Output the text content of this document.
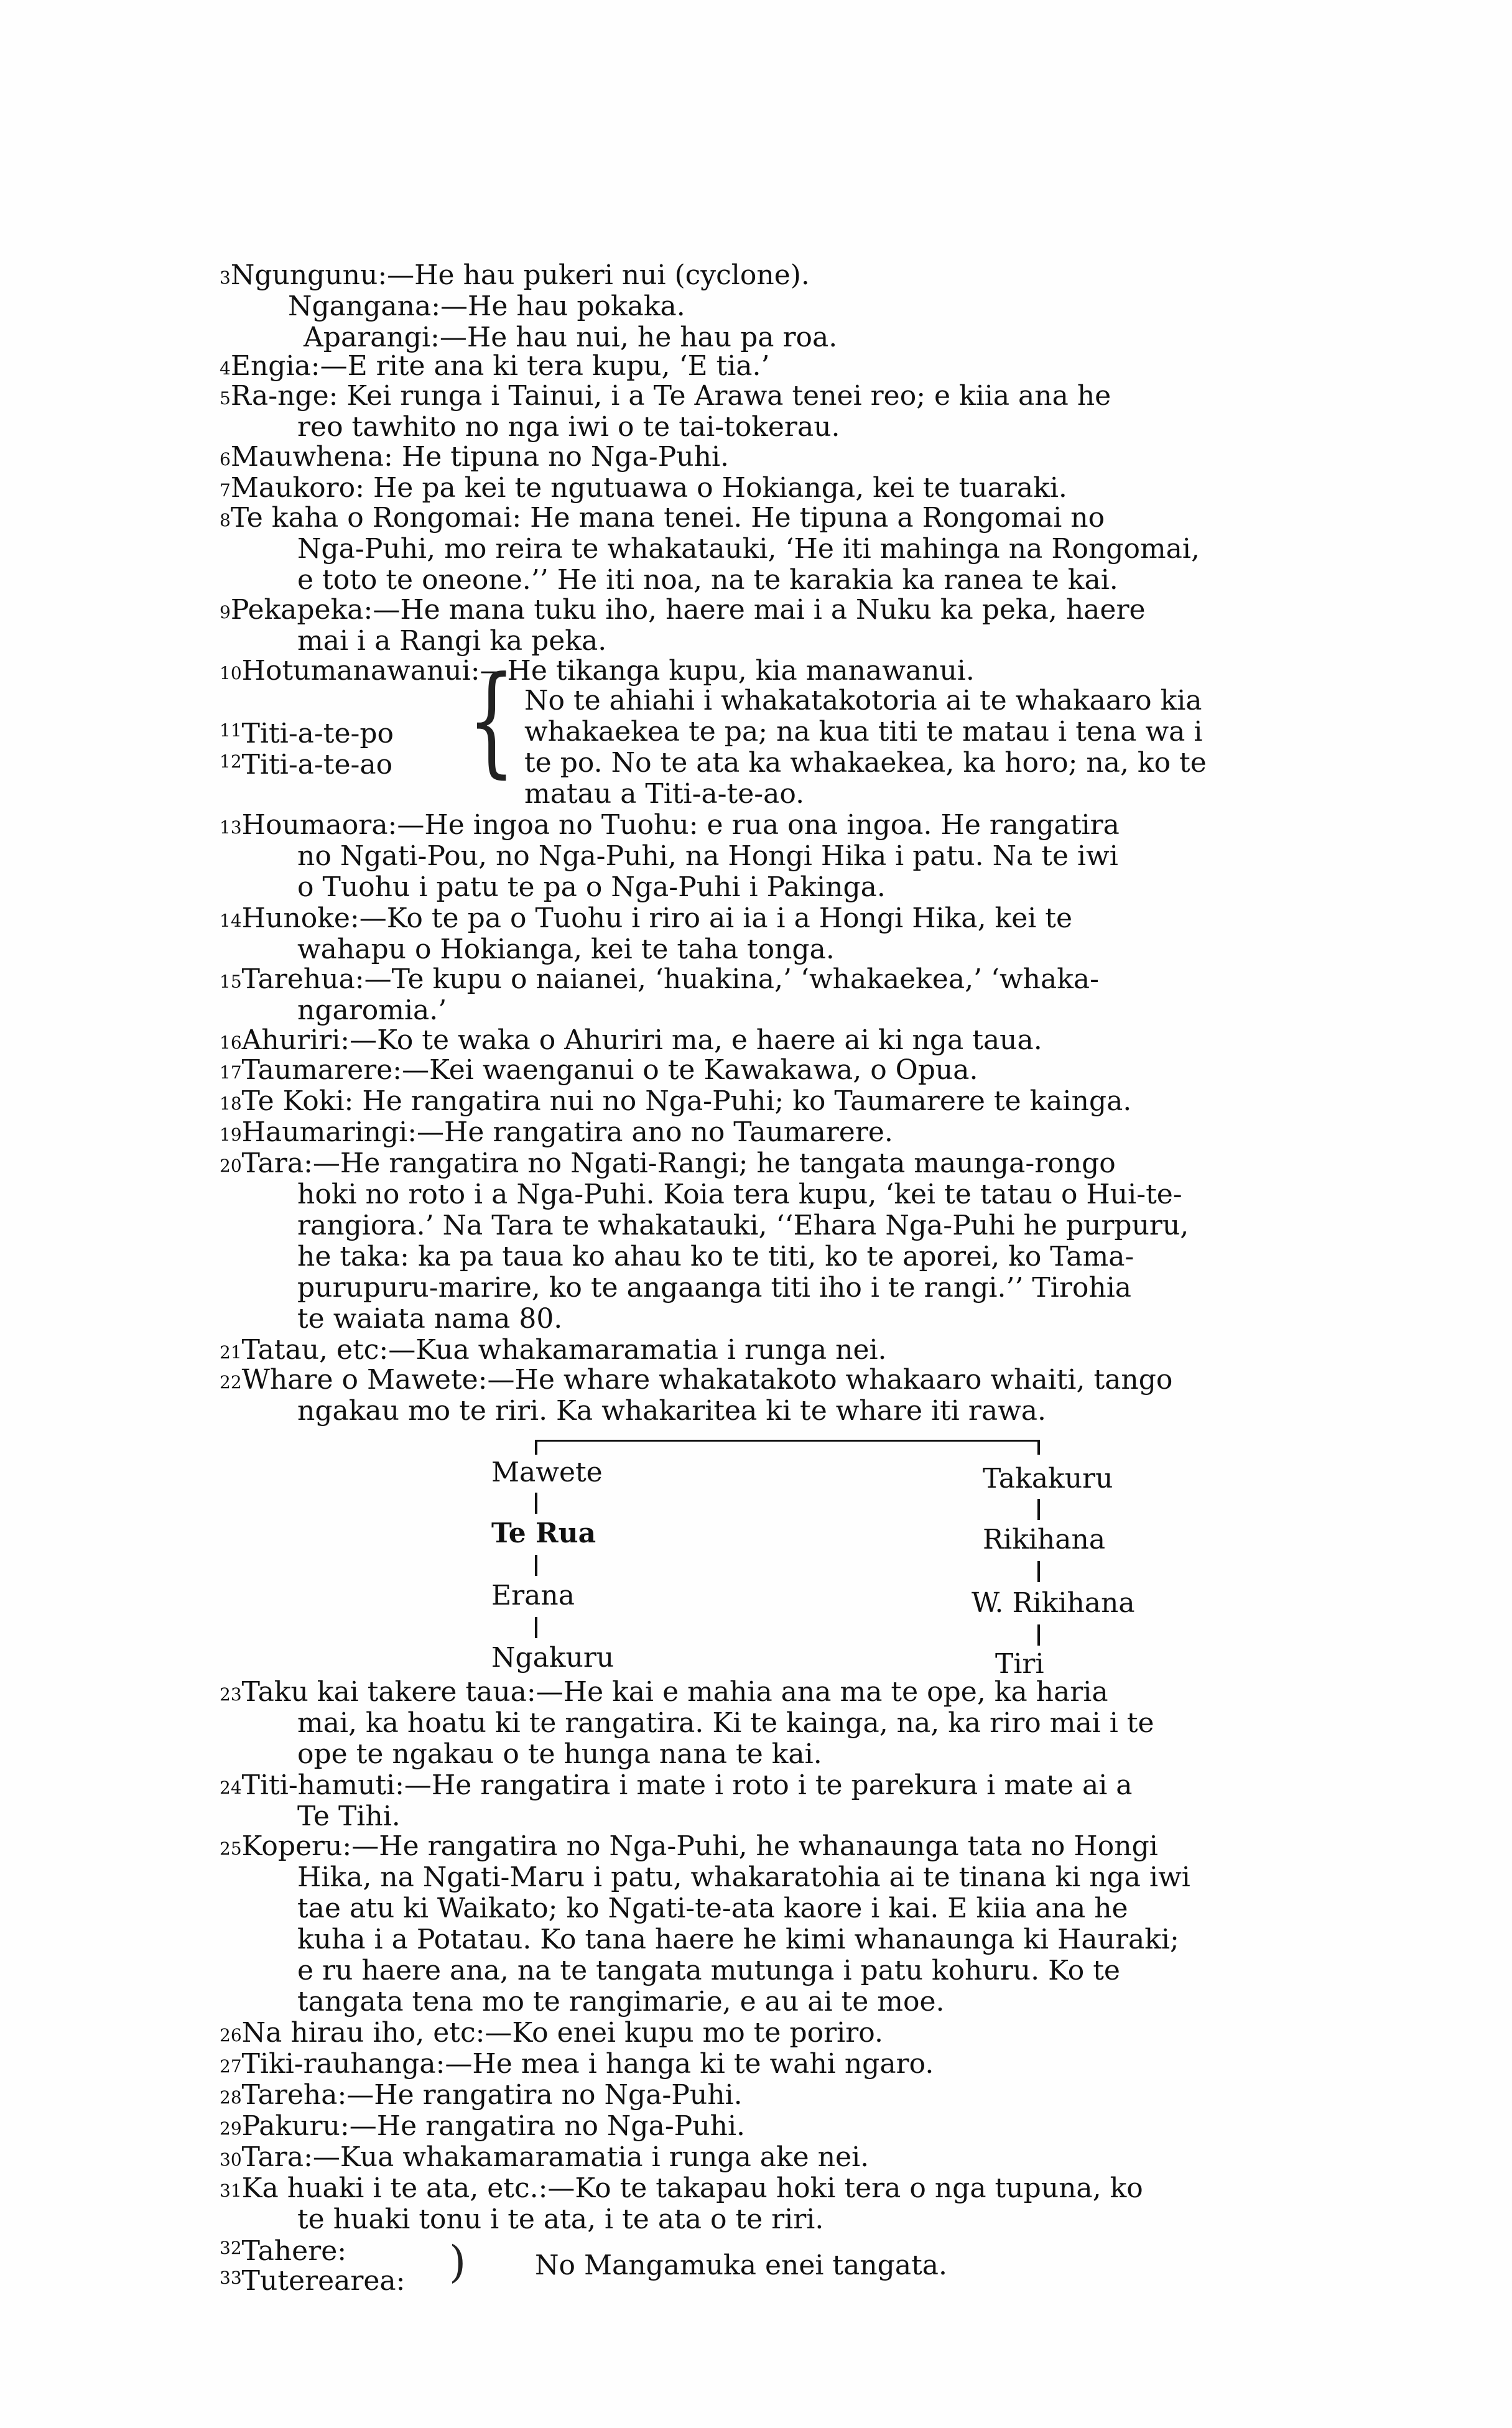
$^3$Ngungunu:—He hau pukeri nui (cyclone).
Ngangana:—He hau pokaka.
Aparangi:—He hau nui, he hau pa roa.
$^4$Engia:—E rite ana ki tera kupu, ‘E tia.’
$^5$Ra-nge: Kei runga i Tainui, i a Te Arawa tenei reo; e kiia ana he
reo tawhito no nga iwi o te tai-tokerau.
$^6$Mauwhena: He tipuna no Nga-Puhi.
$^7$Maukoro: He pa kei te ngutuawa o Hokianga, kei te tuaraki.
$^8$Te kaha o Rongomai: He mana tenei. He tipuna a Rongomai no
Nga-Puhi, mo reira te whakatauki, ‘He iti mahinga na Rongomai,
e toto te oneone.’’ He iti noa, na te karakia ka ranea te kai.
$^9$Pekapeka:—He mana tuku iho, haere mai i a Nuku ka peka, haere
mai i a Rangi ka peka.
$^{10}$Hotumanawanui:—He tikanga kupu, kia manawanui.
$^{11}$Titi-a-te-po
$^{12}$Titi-a-te-ao { No te ahiahi i whakatakotoria ai te whakaaro kia
whakaekea te pa; na kua titi te matau i tena wa i
te po. No te ata ka whakaekea, ka horo; na, ko te
matau a Titi-a-te-ao.
$^{13}$Houmaora:—He ingoa no Tuohu: e rua ona ingoa. He rangatira
no Ngati-Pou, no Nga-Puhi, na Hongi Hika i patu. Na te iwi
o Tuohu i patu te pa o Nga-Puhi i Pakinga.
$^{14}$Hunoke:—Ko te pa o Tuohu i riro ai ia i a Hongi Hika, kei te
wahapu o Hokianga, kei te taha tonga.
$^{15}$Tarehua:—Te kupu o naianei, ‘huakina,’ ‘whakaekea,’ ‘whaka-
ngaromia.’
$^{16}$Ahuriri:—Ko te waka o Ahuriri ma, e haere ai ki nga taua.
$^{17}$Taumarere:—Kei waenganui o te Kawakawa, o Opua.
$^{18}$Te Koki: He rangatira nui no Nga-Puhi; ko Taumarere te kainga.
$^{19}$Haumaringi:—He rangatira ano no Taumarere.
$^{20}$Tara:—He rangatira no Ngati-Rangi; he tangata maunga-rongo
hoki no roto i a Nga-Puhi. Koia tera kupu, ‘kei te tatau o Hui-te-
rangiora.’ Na Tara te whakatauki, ‘‘Ehara Nga-Puhi he purpuru,
he taka: ka pa taua ko ahau ko te titi, ko te aporei, ko Tama-
purupuru-marire, ko te angaanga titi iho i te rangi.’’ Tirohia
te waiata nama 80.
$^{21}$Tatau, etc:—Kua whakamaramatia i runga nei.
$^{22}$Whare o Mawete:—He whare whakatakoto whakaaro whaiti, tango
ngakau mo te riri. Ka whakaritea ki te whare iti rawa.
Mawete
Te Rua
Erana
Ngakuru
Takakuru
Rikihana
W. Rikihana
Tiri
$^{23}$Taku kai takere taua:—He kai e mahia ana ma te ope, ka haria
mai, ka hoatu ki te rangatira. Ki te kainga, na, ka riro mai i te
ope te ngakau o te hunga nana te kai.
$^{24}$Titi-hamuti:—He rangatira i mate i roto i te parekura i mate ai a
Te Tihi.
$^{25}$Koperu:—He rangatira no Nga-Puhi, he whanaunga tata no Hongi
Hika, na Ngati-Maru i patu, whakaratohia ai te tinana ki nga iwi
tae atu ki Waikato; ko Ngati-te-ata kaore i kai. E kiia ana he
kuha i a Potatau. Ko tana haere he kimi whanaunga ki Hauraki;
e ru haere ana, na te tangata mutunga i patu kohuru. Ko te
tangata tena mo te rangimarie, e au ai te moe.
$^{26}$Na hirau iho, etc:—Ko enei kupu mo te poriro.
$^{27}$Tiki-rauhanga:—He mea i hanga ki te wahi ngaro.
$^{28}$Tareha:—He rangatira no Nga-Puhi.
$^{29}$Pakuru:—He rangatira no Nga-Puhi.
$^{30}$Tara:—Kua whakamaramatia i runga ake nei.
$^{31}$Ka huaki i te ata, etc.:—Ko te takapau hoki tera o nga tupuna, ko
te huaki tonu i te ata, i te ata o te riri.
$^{32}$Tahere:
$^{33}$Tuterearea: )	No Mangamuka enei tangata.
